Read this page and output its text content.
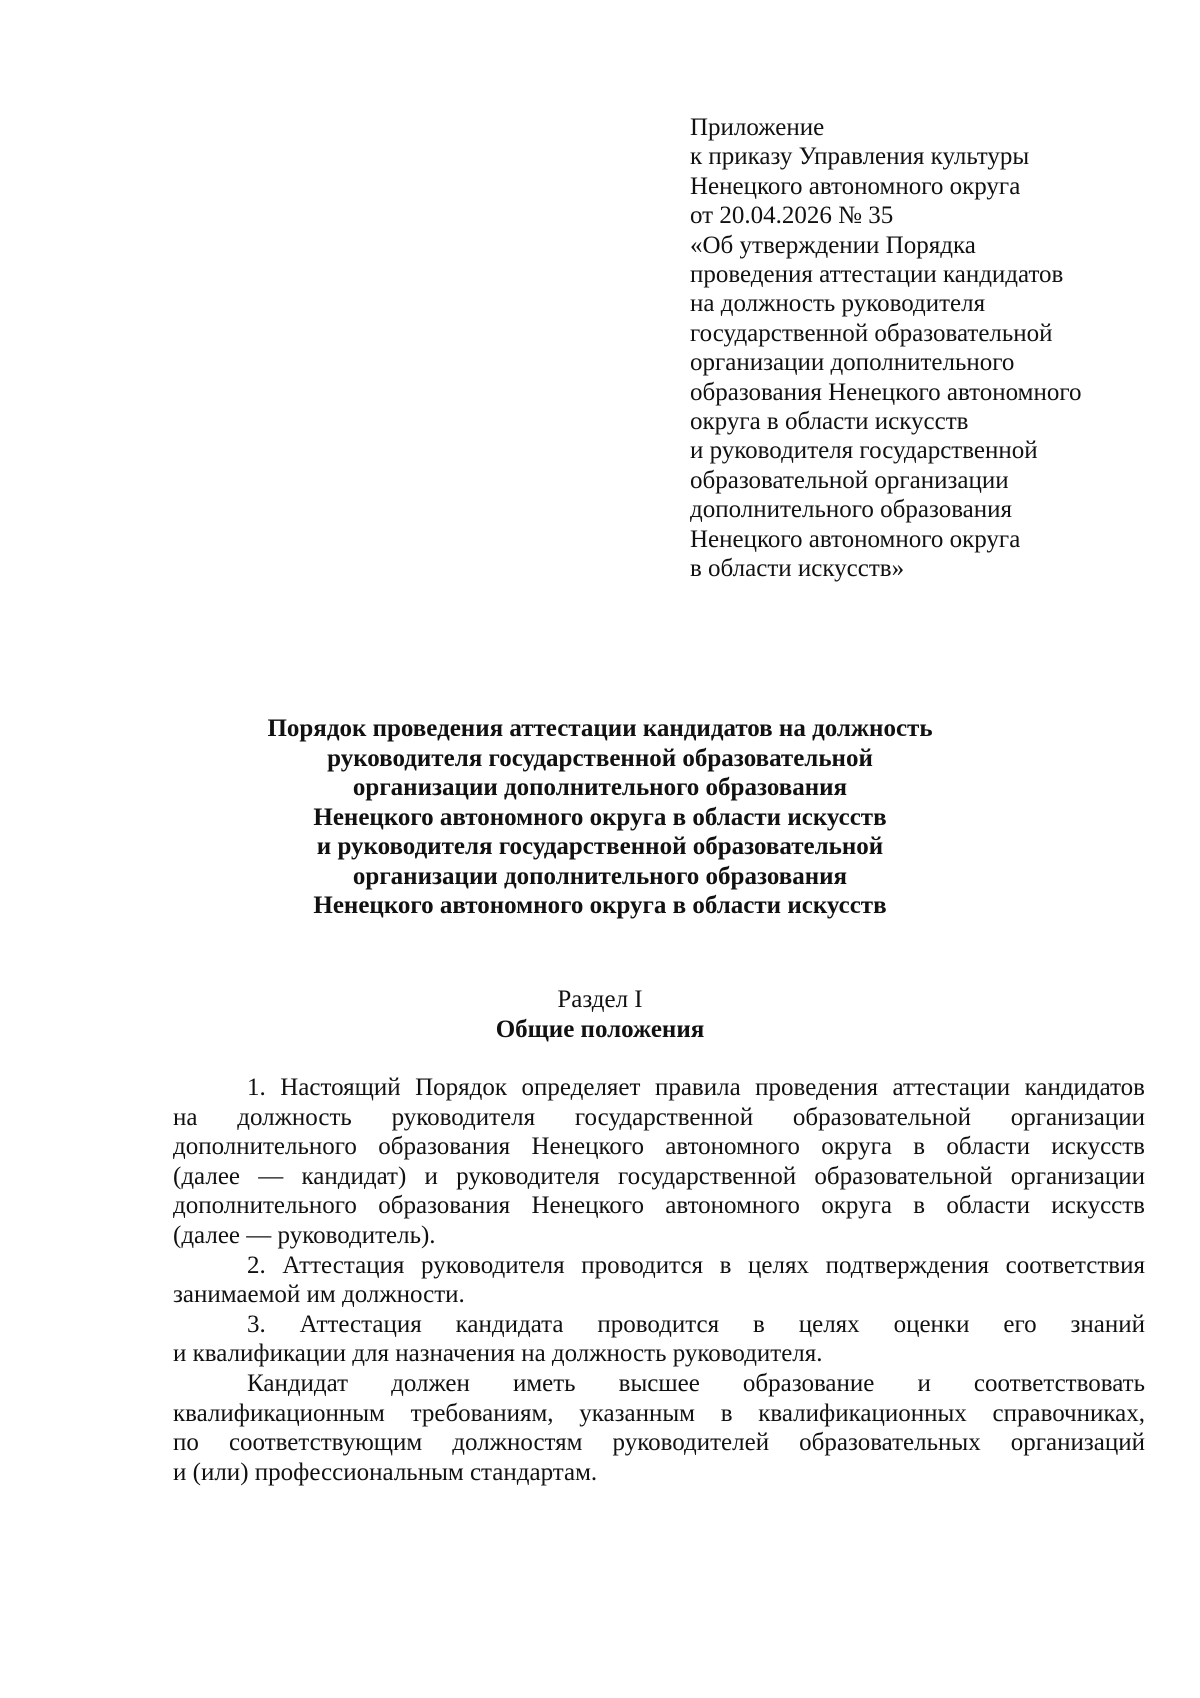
Приложение
к приказу Управления культуры
Ненецкого автономного округа
от 20.04.2026 № 35
«Об утверждении Порядка
проведения аттестации кандидатов
на должность руководителя
государственной образовательной
организации дополнительного
образования Ненецкого автономного
округа в области искусств
и руководителя государственной
образовательной организации
дополнительного образования
Ненецкого автономного округа
в области искусств»
Порядок проведения аттестации кандидатов на должность
руководителя государственной образовательной
организации дополнительного образования
Ненецкого автономного округа в области искусств
и руководителя государственной образовательной
организации дополнительного образования
Ненецкого автономного округа в области искусств
Раздел I
Общие положения

1. Настоящий Порядок определяет правила проведения аттестации кандидатов
на должность руководителя государственной образовательной организации
дополнительного образования Ненецкого автономного округа в области искусств
(далее — кандидат) и руководителя государственной образовательной организации
дополнительного образования Ненецкого автономного округа в области искусств
(далее — руководитель).

2. Аттестация руководителя проводится в целях подтверждения соответствия
занимаемой им должности.

3. Аттестация кандидата проводится в целях оценки его знаний
и квалификации для назначения на должность руководителя.

Кандидат должен иметь высшее образование и соответствовать
квалификационным требованиям, указанным в квалификационных справочниках,
по соответствующим должностям руководителей образовательных организаций
и (или) профессиональным стандартам.
